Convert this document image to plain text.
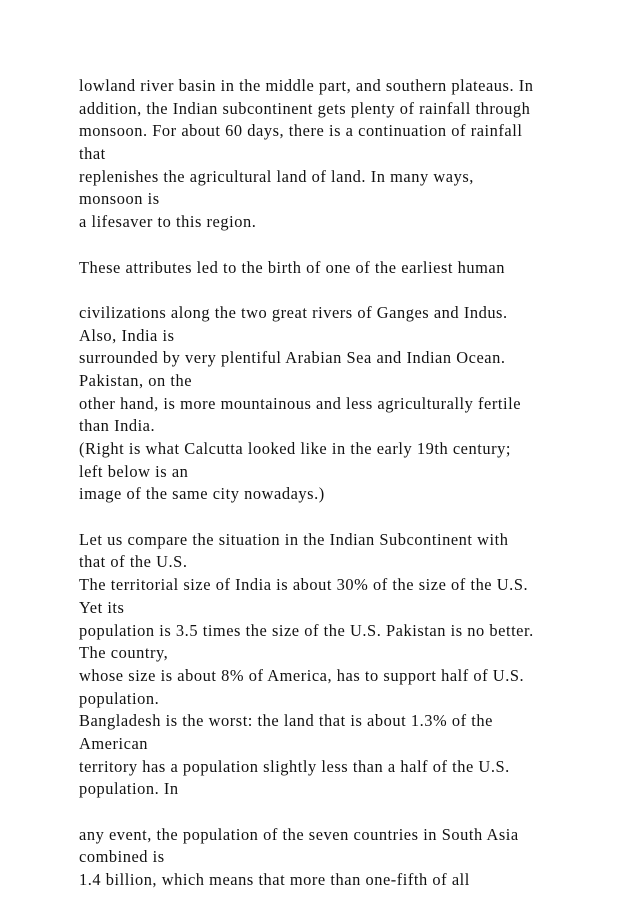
lowland river basin in the middle part, and southern plateaus. In
addition, the Indian subcontinent gets plenty of rainfall through
monsoon. For about 60 days, there is a continuation of rainfall
that
replenishes the agricultural land of land. In many ways,
monsoon is
a lifesaver to this region.
These attributes led to the birth of one of the earliest human
civilizations along the two great rivers of Ganges and Indus.
Also, India is
surrounded by very plentiful Arabian Sea and Indian Ocean.
Pakistan, on the
other hand, is more mountainous and less agriculturally fertile
than India.
(Right is what Calcutta looked like in the early 19th century;
left below is an
image of the same city nowadays.)
Let us compare the situation in the Indian Subcontinent with
that of the U.S.
The territorial size of India is about 30% of the size of the U.S.
Yet its
population is 3.5 times the size of the U.S. Pakistan is no better.
The country,
whose size is about 8% of America, has to support half of U.S.
population.
Bangladesh is the worst: the land that is about 1.3% of the
American
territory has a population slightly less than a half of the U.S.
population. In
any event, the population of the seven countries in South Asia
combined is
1.4 billion, which means that more than one-fifth of all
